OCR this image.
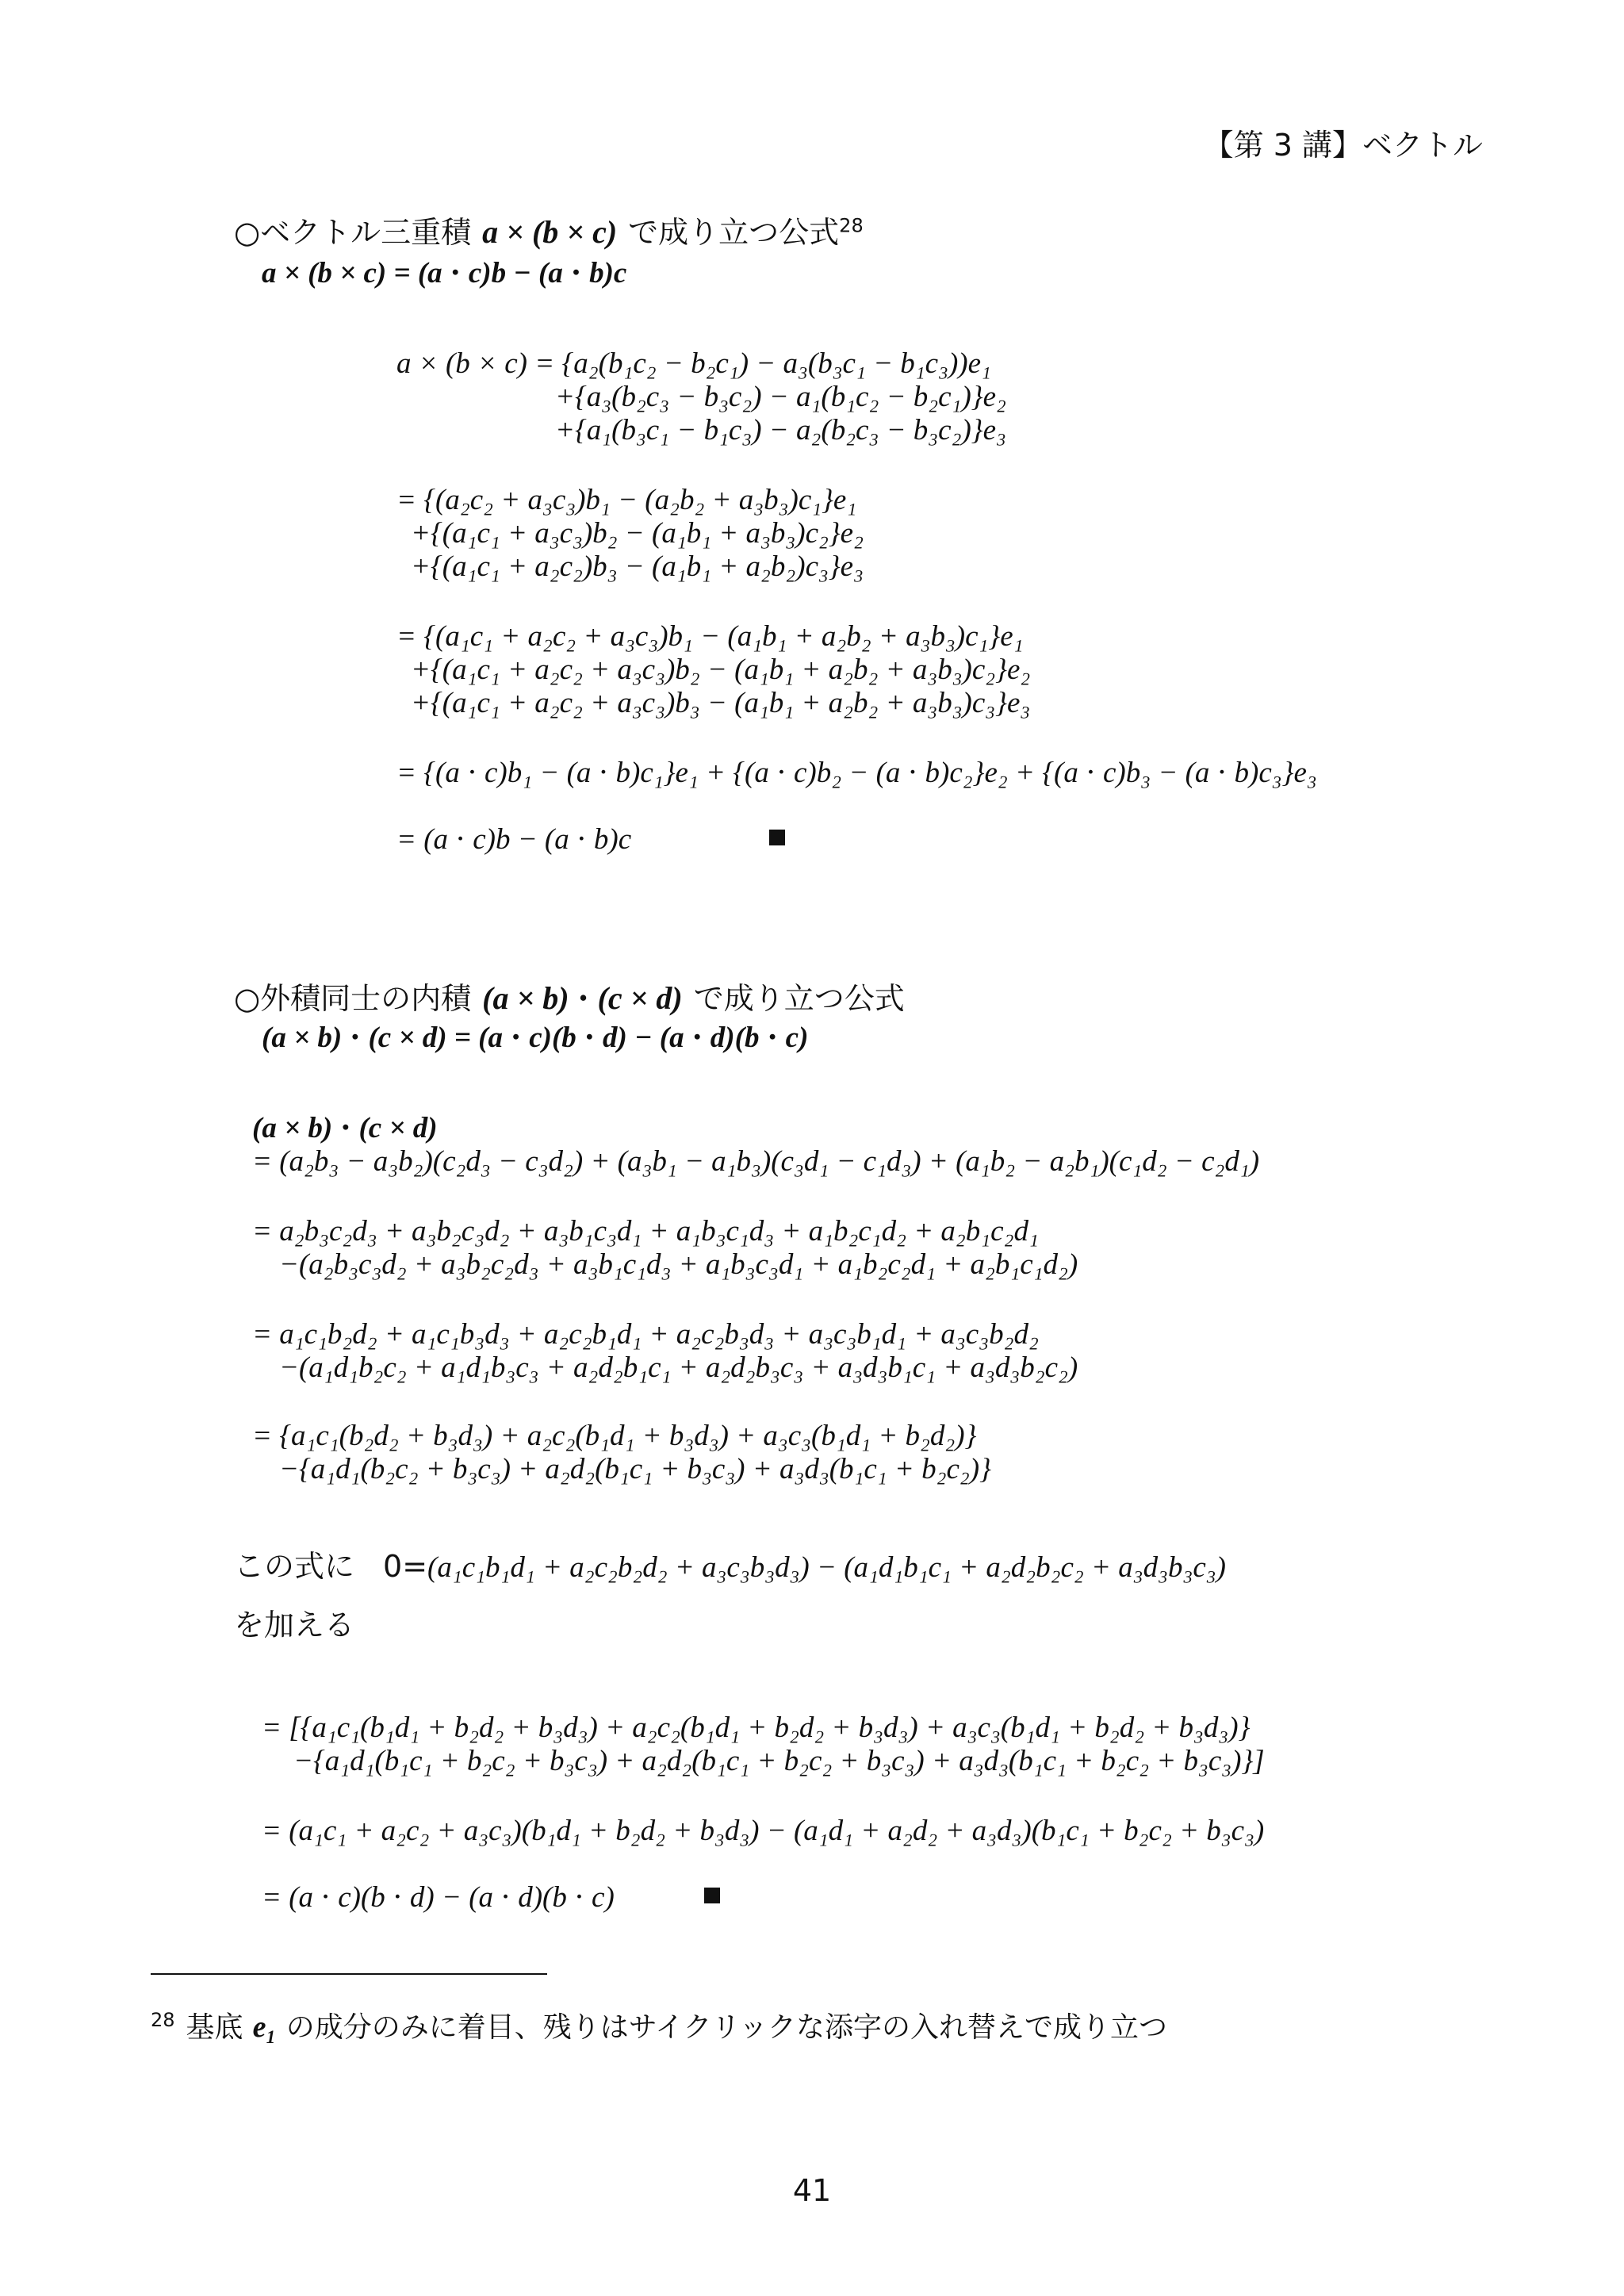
【第 3 講】ベクトル
○ベクトル三重積 a × (b × c) で成り立つ公式$^{28}$
a × (b × c) = (a ⋅ c)b − (a ⋅ b)c
a × (b × c) = {a₂(b₁c₂ − b₂c₁) − a₃(b₃c₁ − b₁c₃))e₁
+{a₃(b₂c₃ − b₃c₂) − a₁(b₁c₂ − b₂c₁)}e₂
+{a₁(b₃c₁ − b₁c₃) − a₂(b₂c₃ − b₃c₂)}e₃
= {(a₂c₂ + a₃c₃)b₁ − (a₂b₂ + a₃b₃)c₁}e₁
+{(a₁c₁ + a₃c₃)b₂ − (a₁b₁ + a₃b₃)c₂}e₂
+{(a₁c₁ + a₂c₂)b₃ − (a₁b₁ + a₂b₂)c₃}e₃
= {(a₁c₁ + a₂c₂ + a₃c₃)b₁ − (a₁b₁ + a₂b₂ + a₃b₃)c₁}e₁
+{(a₁c₁ + a₂c₂ + a₃c₃)b₂ − (a₁b₁ + a₂b₂ + a₃b₃)c₂}e₂
+{(a₁c₁ + a₂c₂ + a₃c₃)b₃ − (a₁b₁ + a₂b₂ + a₃b₃)c₃}e₃
= {(a ⋅ c)b₁ − (a ⋅ b)c₁}e₁ + {(a ⋅ c)b₂ − (a ⋅ b)c₂}e₂ + {(a ⋅ c)b₃ − (a ⋅ b)c₃}e₃
= (a ⋅ c)b − (a ⋅ b)c
○外積同士の内積 (a × b) ⋅ (c × d) で成り立つ公式
(a × b) ⋅ (c × d) = (a ⋅ c)(b ⋅ d) − (a ⋅ d)(b ⋅ c)
(a × b) ⋅ (c × d)
= (a₂b₃ − a₃b₂)(c₂d₃ − c₃d₂) + (a₃b₁ − a₁b₃)(c₃d₁ − c₁d₃) + (a₁b₂ − a₂b₁)(c₁d₂ − c₂d₁)
= a₂b₃c₂d₃ + a₃b₂c₃d₂ + a₃b₁c₃d₁ + a₁b₃c₁d₃ + a₁b₂c₁d₂ + a₂b₁c₂d₁
−(a₂b₃c₃d₂ + a₃b₂c₂d₃ + a₃b₁c₁d₃ + a₁b₃c₃d₁ + a₁b₂c₂d₁ + a₂b₁c₁d₂)
= a₁c₁b₂d₂ + a₁c₁b₃d₃ + a₂c₂b₁d₁ + a₂c₂b₃d₃ + a₃c₃b₁d₁ + a₃c₃b₂d₂
−(a₁d₁b₂c₂ + a₁d₁b₃c₃ + a₂d₂b₁c₁ + a₂d₂b₃c₃ + a₃d₃b₁c₁ + a₃d₃b₂c₂)
= {a₁c₁(b₂d₂ + b₃d₃) + a₂c₂(b₁d₁ + b₃d₃) + a₃c₃(b₁d₁ + b₂d₂)}
−{a₁d₁(b₂c₂ + b₃c₃) + a₂d₂(b₁c₁ + b₃c₃) + a₃d₃(b₁c₁ + b₂c₂)}
この式に 0=(a₁c₁b₁d₁ + a₂c₂b₂d₂ + a₃c₃b₃d₃) − (a₁d₁b₁c₁ + a₂d₂b₂c₂ + a₃d₃b₃c₃)
を加える
= [{a₁c₁(b₁d₁ + b₂d₂ + b₃d₃) + a₂c₂(b₁d₁ + b₂d₂ + b₃d₃) + a₃c₃(b₁d₁ + b₂d₂ + b₃d₃)}
−{a₁d₁(b₁c₁ + b₂c₂ + b₃c₃) + a₂d₂(b₁c₁ + b₂c₂ + b₃c₃) + a₃d₃(b₁c₁ + b₂c₂ + b₃c₃)}]
= (a₁c₁ + a₂c₂ + a₃c₃)(b₁d₁ + b₂d₂ + b₃d₃) − (a₁d₁ + a₂d₂ + a₃d₃)(b₁c₁ + b₂c₂ + b₃c₃)
= (a ⋅ c)(b ⋅ d) − (a ⋅ d)(b ⋅ c)
$^{28}$ 基底 e₁ の成分のみに着目、残りはサイクリックな添字の入れ替えで成り立つ
41
